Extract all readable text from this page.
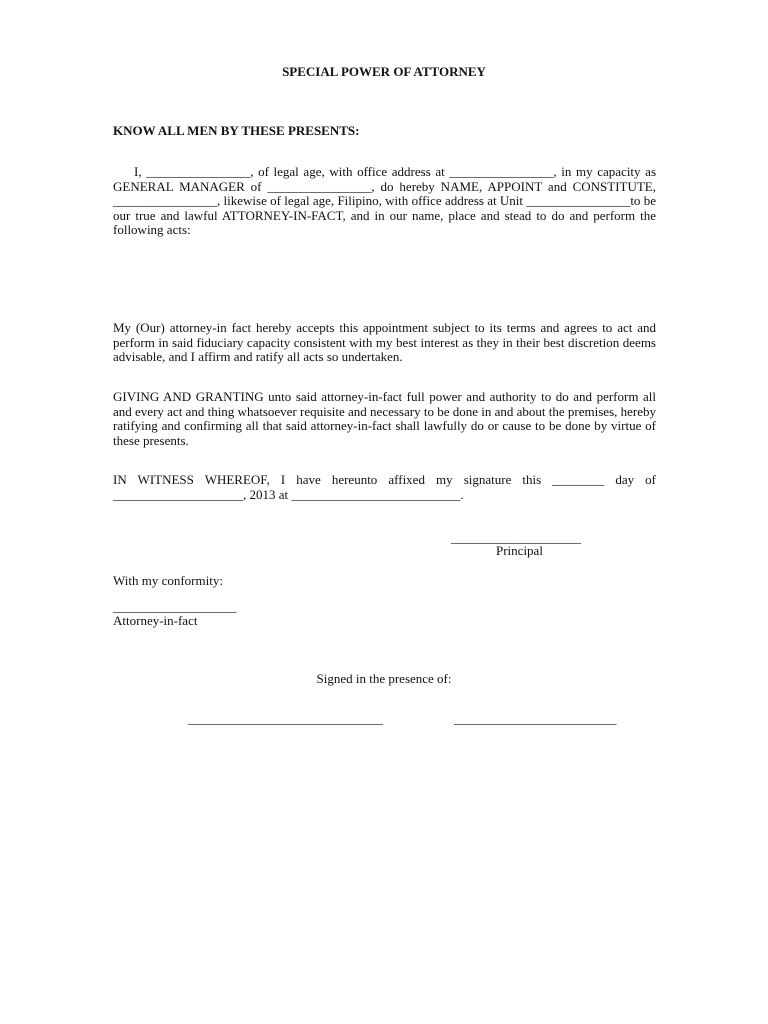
SPECIAL POWER OF ATTORNEY

KNOW ALL MEN BY THESE PRESENTS:

I, ________________, of legal age, with office address at ________________, in my capacity as GENERAL MANAGER of ________________, do hereby NAME, APPOINT and CONSTITUTE, ________________, likewise of legal age, Filipino, with office address at Unit ________________to be our true and lawful ATTORNEY-IN-FACT, and in our name, place and stead to do and perform the following acts:

My (Our) attorney-in fact hereby accepts this appointment subject to its terms and agrees to act and perform in said fiduciary capacity consistent with my best interest as they in their best discretion deems advisable, and I affirm and ratify all acts so undertaken.

GIVING AND GRANTING unto said attorney-in-fact full power and authority to do and perform all and every act and thing whatsoever requisite and necessary to be done in and about the premises, hereby ratifying and confirming all that said attorney-in-fact shall lawfully do or cause to be done by virtue of these presents.

IN WITNESS WHEREOF, I have hereunto affixed my signature this ________ day of ____________________, 2013 at __________________________.

____________________
Principal
With my conformity:
___________________
Attorney-in-fact
Signed in the presence of:
______________________________	_________________________
